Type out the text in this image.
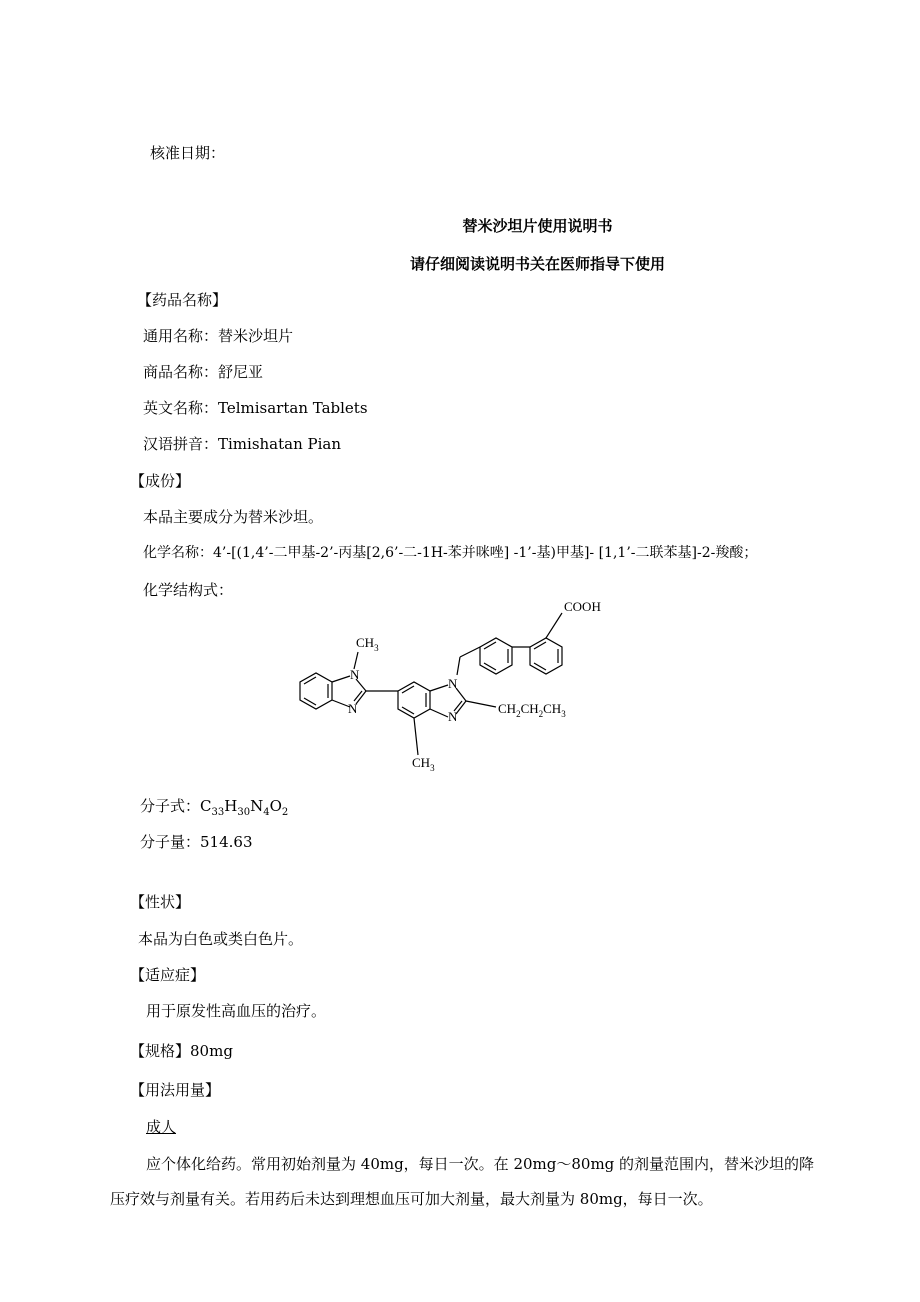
核准日期：
替米沙坦片使用说明书
请仔细阅读说明书关在医师指导下使用
【药品名称】
通用名称：替米沙坦片
商品名称：舒尼亚
英文名称：Telmisartan Tablets
汉语拼音：Timishatan Pian
【成份】
本品主要成分为替米沙坦。
化学名称：4’-[(1,4’-二甲基-2’-丙基[2,6’-二-1H-苯并咪唑] -1’-基)甲基]- [1,1’-二联苯基]-2-羧酸；
化学结构式：
COOH
$CH_3$
N
N
N
N
$CH_2CH_2CH_3$
$CH_3$
分子式：$C_{33}H_{30}N_4O_2$
分子量：514.63
【性状】
本品为白色或类白色片。
【适应症】
用于原发性高血压的治疗。
【规格】80mg
【用法用量】
成人
应个体化给药。常用初始剂量为 40mg，每日一次。在 20mg～80mg 的剂量范围内，替米沙坦的降
压疗效与剂量有关。若用药后未达到理想血压可加大剂量，最大剂量为 80mg，每日一次。
